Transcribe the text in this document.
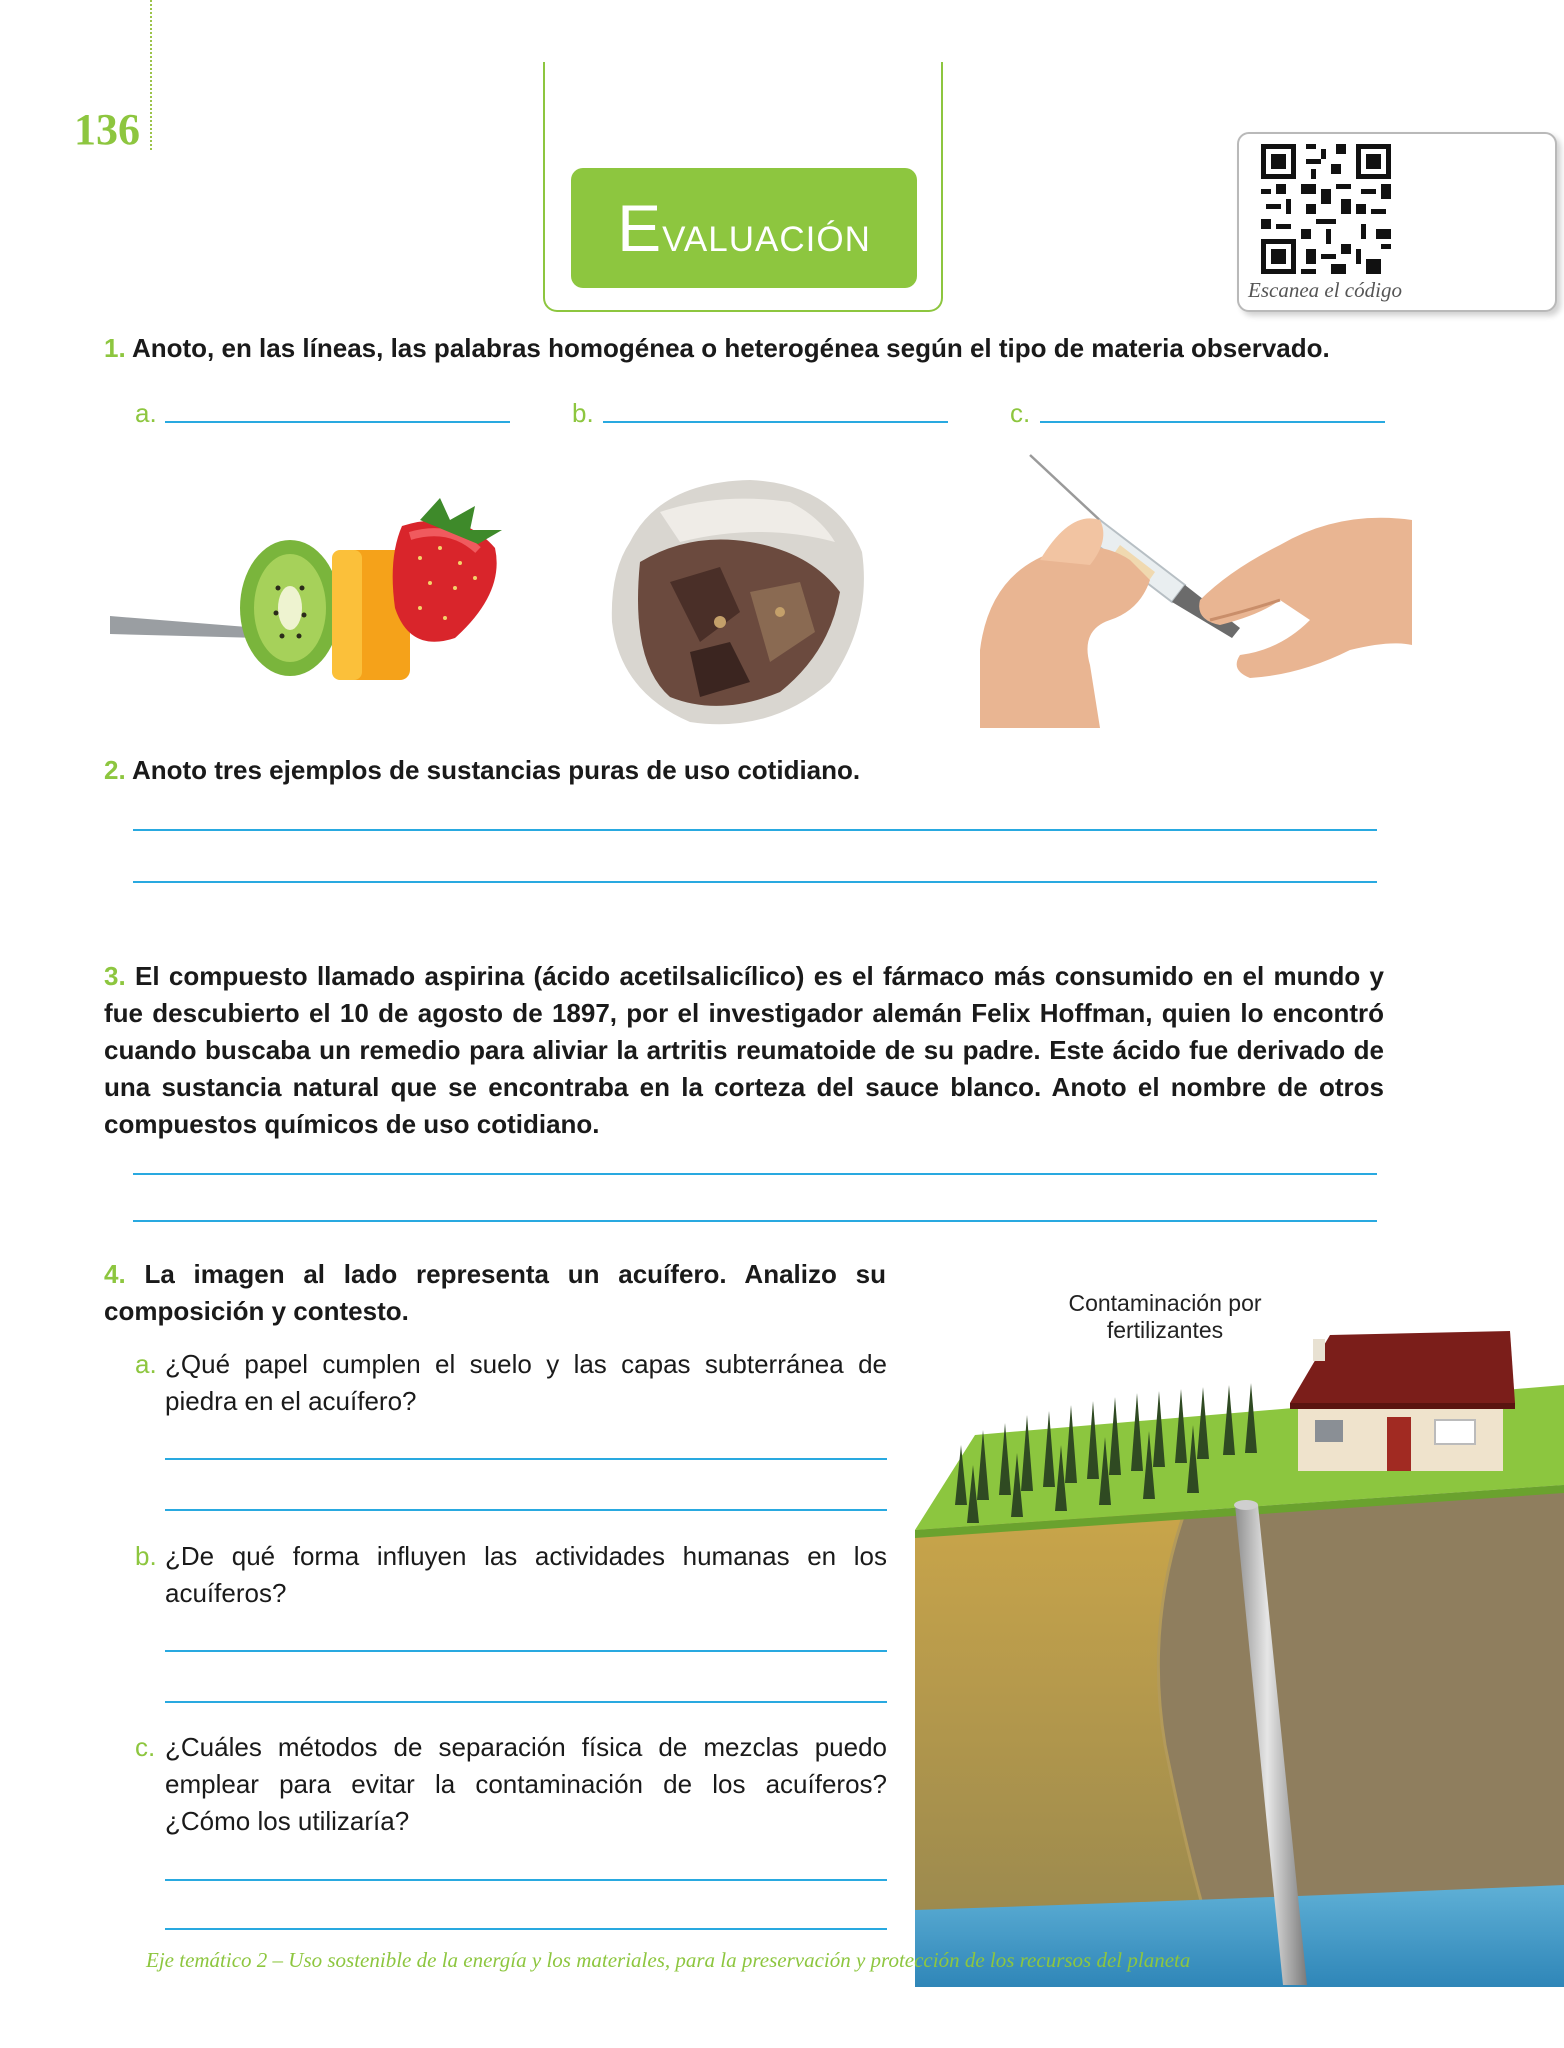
136
Evaluación
Escanea el código
1. Anoto, en las líneas, las palabras homogénea o heterogénea según el tipo de materia observado.
a.	b.	c.
2. Anoto tres ejemplos de sustancias puras de uso cotidiano.
3. El compuesto llamado aspirina (ácido acetilsalicílico) es el fármaco más consumido en el mundo y fue descubierto el 10 de agosto de 1897, por el investigador alemán Felix Hoffman, quien lo encontró cuando buscaba un remedio para aliviar la artritis reumatoide de su padre. Este ácido fue derivado de una sustancia natural que se encontraba en la corteza del sauce blanco. Anoto el nombre de otros compuestos químicos de uso cotidiano.
4. La imagen al lado representa un acuífero. Analizo su composición y contesto.
a. ¿Qué papel cumplen el suelo y las capas subterránea de piedra en el acuífero?
b. ¿De qué forma influyen las actividades humanas en los acuíferos?
c. ¿Cuáles métodos de separación física de mezclas puedo emplear para evitar la contaminación de los acuíferos? ¿Cómo los utilizaría?
Contaminación por
fertilizantes
Eje temático 2 – Uso sostenible de la energía y los materiales, para la preservación y protección de los recursos del planeta
